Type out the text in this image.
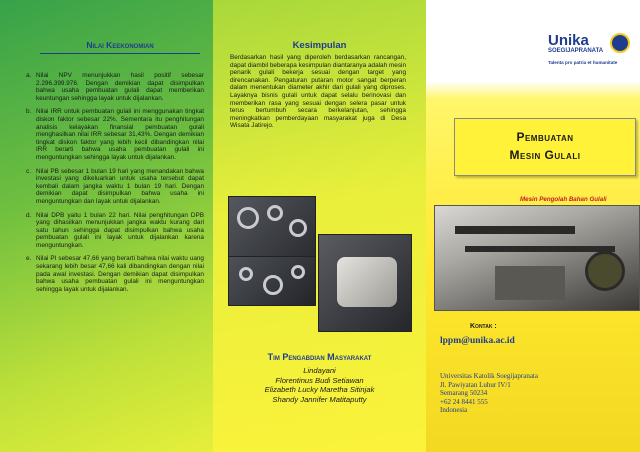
Nilai Keekonomian
a. Nilai NPV menunjukkan hasil positif sebesar 2.296.399.976. Dengan demikian dapat disimpulkan bahwa usaha pembuatan gulali dapat memberikan keuntungan sehingga layak untuk dijalankan.
b. Nilai IRR untuk pembuatan gulali ini menggunakan tingkat diskon faktor sebesar 22%. Sementara itu penghitungan analisis kelayakan finansial pembuatan gulali menghasilkan nilai IRR sebesar 31,43%. Dengan demikian tingkat diskon faktor yang lebih kecil dibandingkan nilai IRR berarti bahwa usaha pembuatan gulali ini menguntungkan sehingga layak untuk dijalankan.
c. Nilai PB sebesar 1 bulan 19 hari yang menandakan bahwa investasi yang dikeluarkan untuk usaha tersebut dapat kembali dalam jangka waktu 1 bulan 19 hari. Dengan demikian dapat disimpulkan bahwa usaha ini menguntungkan dan layak untuk dijalankan.
d. Nilai DPB yaitu 1 bulan 22 hari. Nilai penghitungan DPB yang dihasilkan menunjukkan jangka waktu kurang dari satu tahun sehingga dapat disimpulkan bahwa usaha pembuatan gulali ini layak untuk dijalankan karena menguntungkan.
e. Nilai PI sebesar 47,66 yang berarti bahwa nilai waktu uang sekarang lebih besar 47,66 kali dibandingkan dengan nilai pada awal investasi. Dengan demikian dapat disimpulkan bahwa usaha pembuatan gulali ini menguntungkan sehingga layak untuk dijalankan.
Kesimpulan
Berdasarkan hasil yang diperoleh berdasarkan rancangan, dapat diambil beberapa kesimpulan diantaranya adalah mesin penarik gulali bekerja sesuai dengan target yang direncanakan. Pengaturan putaran motor sangat berperan dalam menentukan diameter akhir dari gulali yang diproses. Layaknya bisnis gulali untuk dapat selalu berinovasi dan memberikan rasa yang sesuai dengan selera pasar untuk terus bertumbuh secara berkelanjutan, sehingga meningkatkan pemberdayaan masyarakat juga di Desa Wisata Jatirejo.
Tim Pengabdian Masyarakat
Lindayani
Florentinus Budi Setiawan
Elizabeth Lucky Maretha Sitinjak
Shandy Jannifer Matitaputty
Unika
SOEGIJAPRANATA
Talenta pro patria et humanitate
Pembuatan
Mesin Gulali
Mesin Pengolah Bahan Gulali
Kontak :
lppm@unika.ac.id
Universitas Katolik Soegijapranata
Jl. Pawiyatan Luhur IV/1
Semarang 50234
+62 24 8441 555
Indonesia
